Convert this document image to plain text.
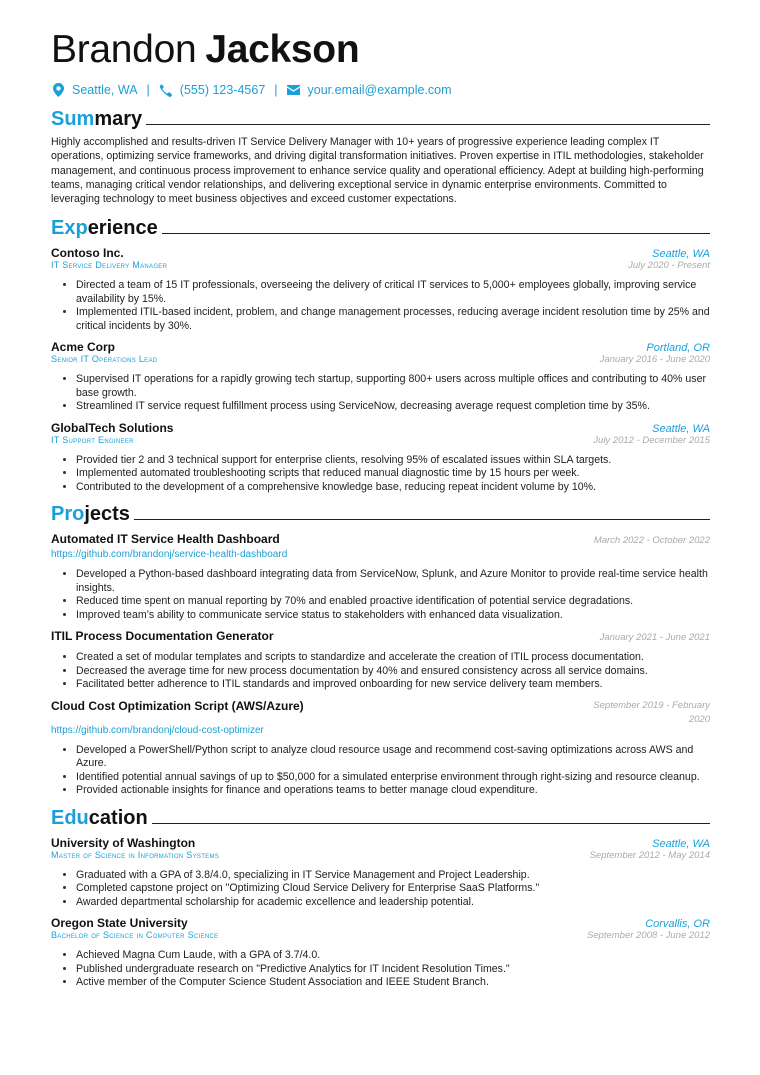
Brandon Jackson
Seattle, WA | (555) 123-4567 | your.email@example.com
Summary

Highly accomplished and results-driven IT Service Delivery Manager with 10+ years of progressive experience leading complex IT operations, optimizing service frameworks, and driving digital transformation initiatives. Proven expertise in ITIL methodologies, stakeholder management, and continuous process improvement to enhance service quality and operational efficiency. Adept at building high-performing teams, managing critical vendor relationships, and delivering exceptional service in dynamic enterprise environments. Committed to leveraging technology to meet business objectives and exceed customer expectations.

Experience
Contoso Inc.	Seattle, WA
IT Service Delivery Manager	July 2020 - Present
• Directed a team of 15 IT professionals, overseeing the delivery of critical IT services to 5,000+ employees globally, improving service availability by 15%.
• Implemented ITIL-based incident, problem, and change management processes, reducing average incident resolution time by 25% and critical incidents by 30%.
Acme Corp	Portland, OR
Senior IT Operations Lead	January 2016 - June 2020
• Supervised IT operations for a rapidly growing tech startup, supporting 800+ users across multiple offices and contributing to 40% user base growth.
• Streamlined IT service request fulfillment process using ServiceNow, decreasing average request completion time by 35%.
GlobalTech Solutions	Seattle, WA
IT Support Engineer	July 2012 - December 2015
• Provided tier 2 and 3 technical support for enterprise clients, resolving 95% of escalated issues within SLA targets.
• Implemented automated troubleshooting scripts that reduced manual diagnostic time by 15 hours per week.
• Contributed to the development of a comprehensive knowledge base, reducing repeat incident volume by 10%.
Projects
Automated IT Service Health Dashboard	March 2022 - October 2022
https://github.com/brandonj/service-health-dashboard
• Developed a Python-based dashboard integrating data from ServiceNow, Splunk, and Azure Monitor to provide real-time service health insights.
• Reduced time spent on manual reporting by 70% and enabled proactive identification of potential service degradations.
• Improved team’s ability to communicate service status to stakeholders with enhanced data visualization.
ITIL Process Documentation Generator	January 2021 - June 2021
• Created a set of modular templates and scripts to standardize and accelerate the creation of ITIL process documentation.
• Decreased the average time for new process documentation by 40% and ensured consistency across all service domains.
• Facilitated better adherence to ITIL standards and improved onboarding for new service delivery team members.
Cloud Cost Optimization Script (AWS/Azure)	September 2019 - February 2020
https://github.com/brandonj/cloud-cost-optimizer
• Developed a PowerShell/Python script to analyze cloud resource usage and recommend cost-saving optimizations across AWS and Azure.
• Identified potential annual savings of up to $50,000 for a simulated enterprise environment through right-sizing and resource cleanup.
• Provided actionable insights for finance and operations teams to better manage cloud expenditure.
Education
University of Washington	Seattle, WA
Master of Science in Information Systems	September 2012 - May 2014
• Graduated with a GPA of 3.8/4.0, specializing in IT Service Management and Project Leadership.
• Completed capstone project on "Optimizing Cloud Service Delivery for Enterprise SaaS Platforms."
• Awarded departmental scholarship for academic excellence and leadership potential.
Oregon State University	Corvallis, OR
Bachelor of Science in Computer Science	September 2008 - June 2012
• Achieved Magna Cum Laude, with a GPA of 3.7/4.0.
• Published undergraduate research on "Predictive Analytics for IT Incident Resolution Times."
• Active member of the Computer Science Student Association and IEEE Student Branch.
